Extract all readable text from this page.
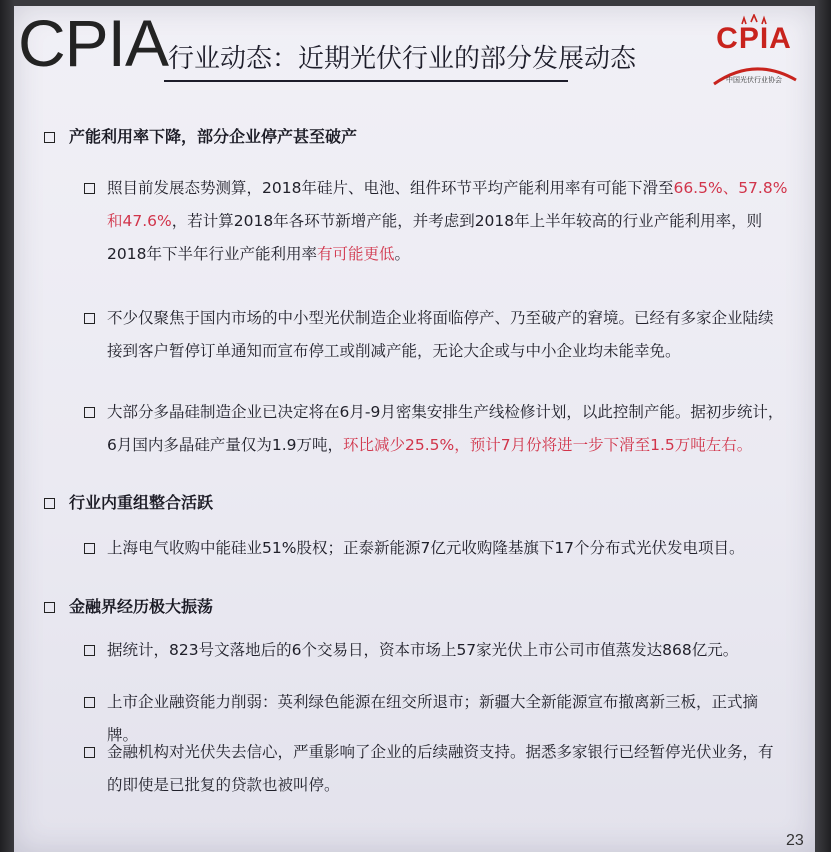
CPIA 行业动态：近期光伏行业的部分发展动态
CPIA
中国光伏行业协会
产能利用率下降，部分企业停产甚至破产
照目前发展态势测算，2018年硅片、电池、组件环节平均产能利用率有可能下滑至66.5%、57.8%和47.6%，若计算2018年各环节新增产能，并考虑到2018年上半年较高的行业产能利用率，则2018年下半年行业产能利用率有可能更低。
不少仅聚焦于国内市场的中小型光伏制造企业将面临停产、乃至破产的窘境。已经有多家企业陆续接到客户暂停订单通知而宣布停工或削减产能，无论大企或与中小企业均未能幸免。
大部分多晶硅制造企业已决定将在6月-9月密集安排生产线检修计划，以此控制产能。据初步统计，6月国内多晶硅产量仅为1.9万吨，环比减少25.5%，预计7月份将进一步下滑至1.5万吨左右。
行业内重组整合活跃
上海电气收购中能硅业51%股权；正泰新能源7亿元收购隆基旗下17个分布式光伏发电项目。
金融界经历极大振荡
据统计，823号文落地后的6个交易日，资本市场上57家光伏上市公司市值蒸发达868亿元。
上市企业融资能力削弱：英利绿色能源在纽交所退市；新疆大全新能源宣布撤离新三板，正式摘牌。
金融机构对光伏失去信心，严重影响了企业的后续融资支持。据悉多家银行已经暂停光伏业务，有的即使是已批复的贷款也被叫停。
23
